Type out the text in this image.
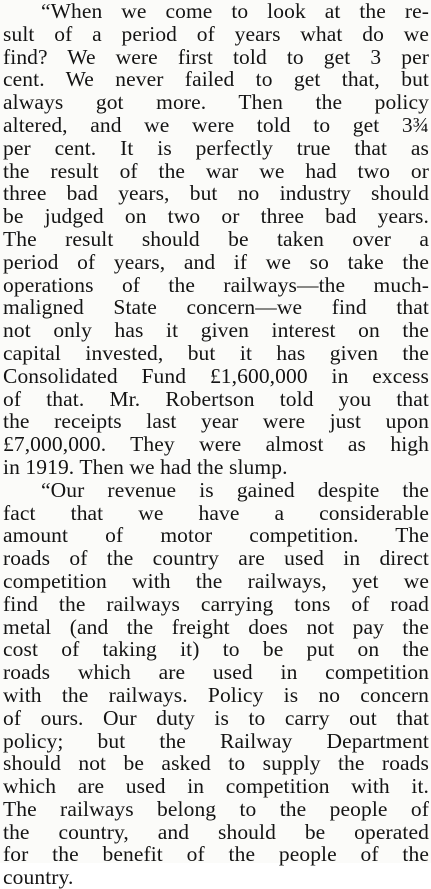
“When we come to look at the re-
sult of a period of years what do we
find? We were first told to get 3 per
cent. We never failed to get that, but
always got more. Then the policy
altered, and we were told to get 3¾
per cent. It is perfectly true that as
the result of the war we had two or
three bad years, but no industry should
be judged on two or three bad years.
The result should be taken over a
period of years, and if we so take the
operations of the railways—the much-
maligned State concern—we find that
not only has it given interest on the
capital invested, but it has given the
Consolidated Fund £1,600,000 in excess
of that. Mr. Robertson told you that
the receipts last year were just upon
£7,000,000. They were almost as high
in 1919. Then we had the slump.
“Our revenue is gained despite the
fact that we have a considerable
amount of motor competition. The
roads of the country are used in direct
competition with the railways, yet we
find the railways carrying tons of road
metal (and the freight does not pay the
cost of taking it) to be put on the
roads which are used in competition
with the railways. Policy is no concern
of ours. Our duty is to carry out that
policy; but the Railway Department
should not be asked to supply the roads
which are used in competition with it.
The railways belong to the people of
the country, and should be operated
for the benefit of the people of the
country.
